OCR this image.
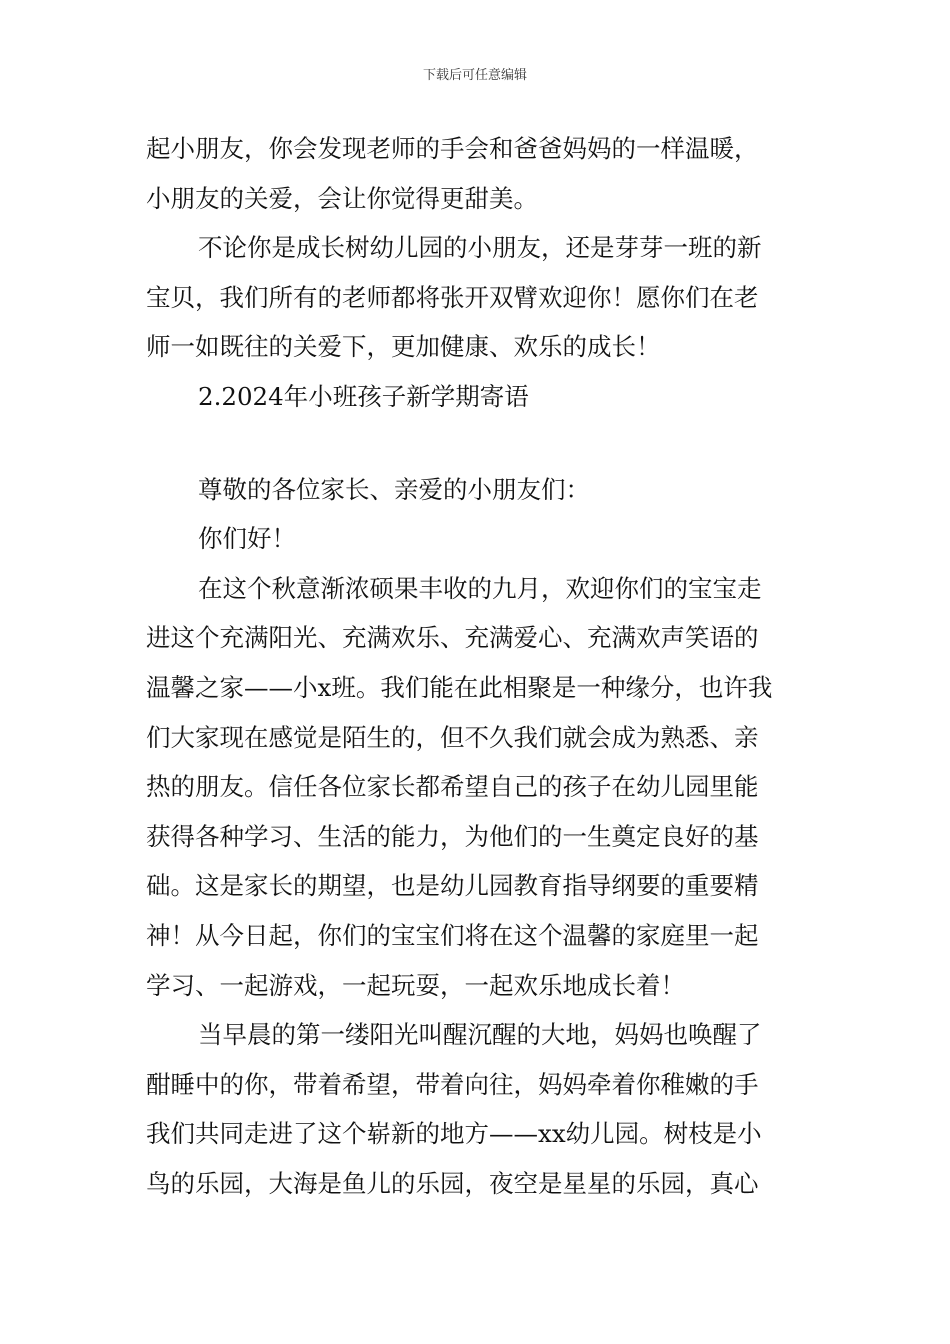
下载后可任意编辑
起小朋友，你会发现老师的手会和爸爸妈妈的一样温暖，
小朋友的关爱，会让你觉得更甜美。
不论你是成长树幼儿园的小朋友，还是芽芽一班的新
宝贝，我们所有的老师都将张开双臂欢迎你！愿你们在老
师一如既往的关爱下，更加健康、欢乐的成长！
2.2024年小班孩子新学期寄语
尊敬的各位家长、亲爱的小朋友们：
你们好！
在这个秋意渐浓硕果丰收的九月，欢迎你们的宝宝走
进这个充满阳光、充满欢乐、充满爱心、充满欢声笑语的
温馨之家——小x班。我们能在此相聚是一种缘分，也许我
们大家现在感觉是陌生的，但不久我们就会成为熟悉、亲
热的朋友。信任各位家长都希望自己的孩子在幼儿园里能
获得各种学习、生活的能力，为他们的一生奠定良好的基
础。这是家长的期望，也是幼儿园教育指导纲要的重要精
神！从今日起，你们的宝宝们将在这个温馨的家庭里一起
学习、一起游戏，一起玩耍，一起欢乐地成长着！
当早晨的第一缕阳光叫醒沉醒的大地，妈妈也唤醒了
酣睡中的你，带着希望，带着向往，妈妈牵着你稚嫩的手
我们共同走进了这个崭新的地方——xx幼儿园。树枝是小
鸟的乐园，大海是鱼儿的乐园，夜空是星星的乐园，真心
